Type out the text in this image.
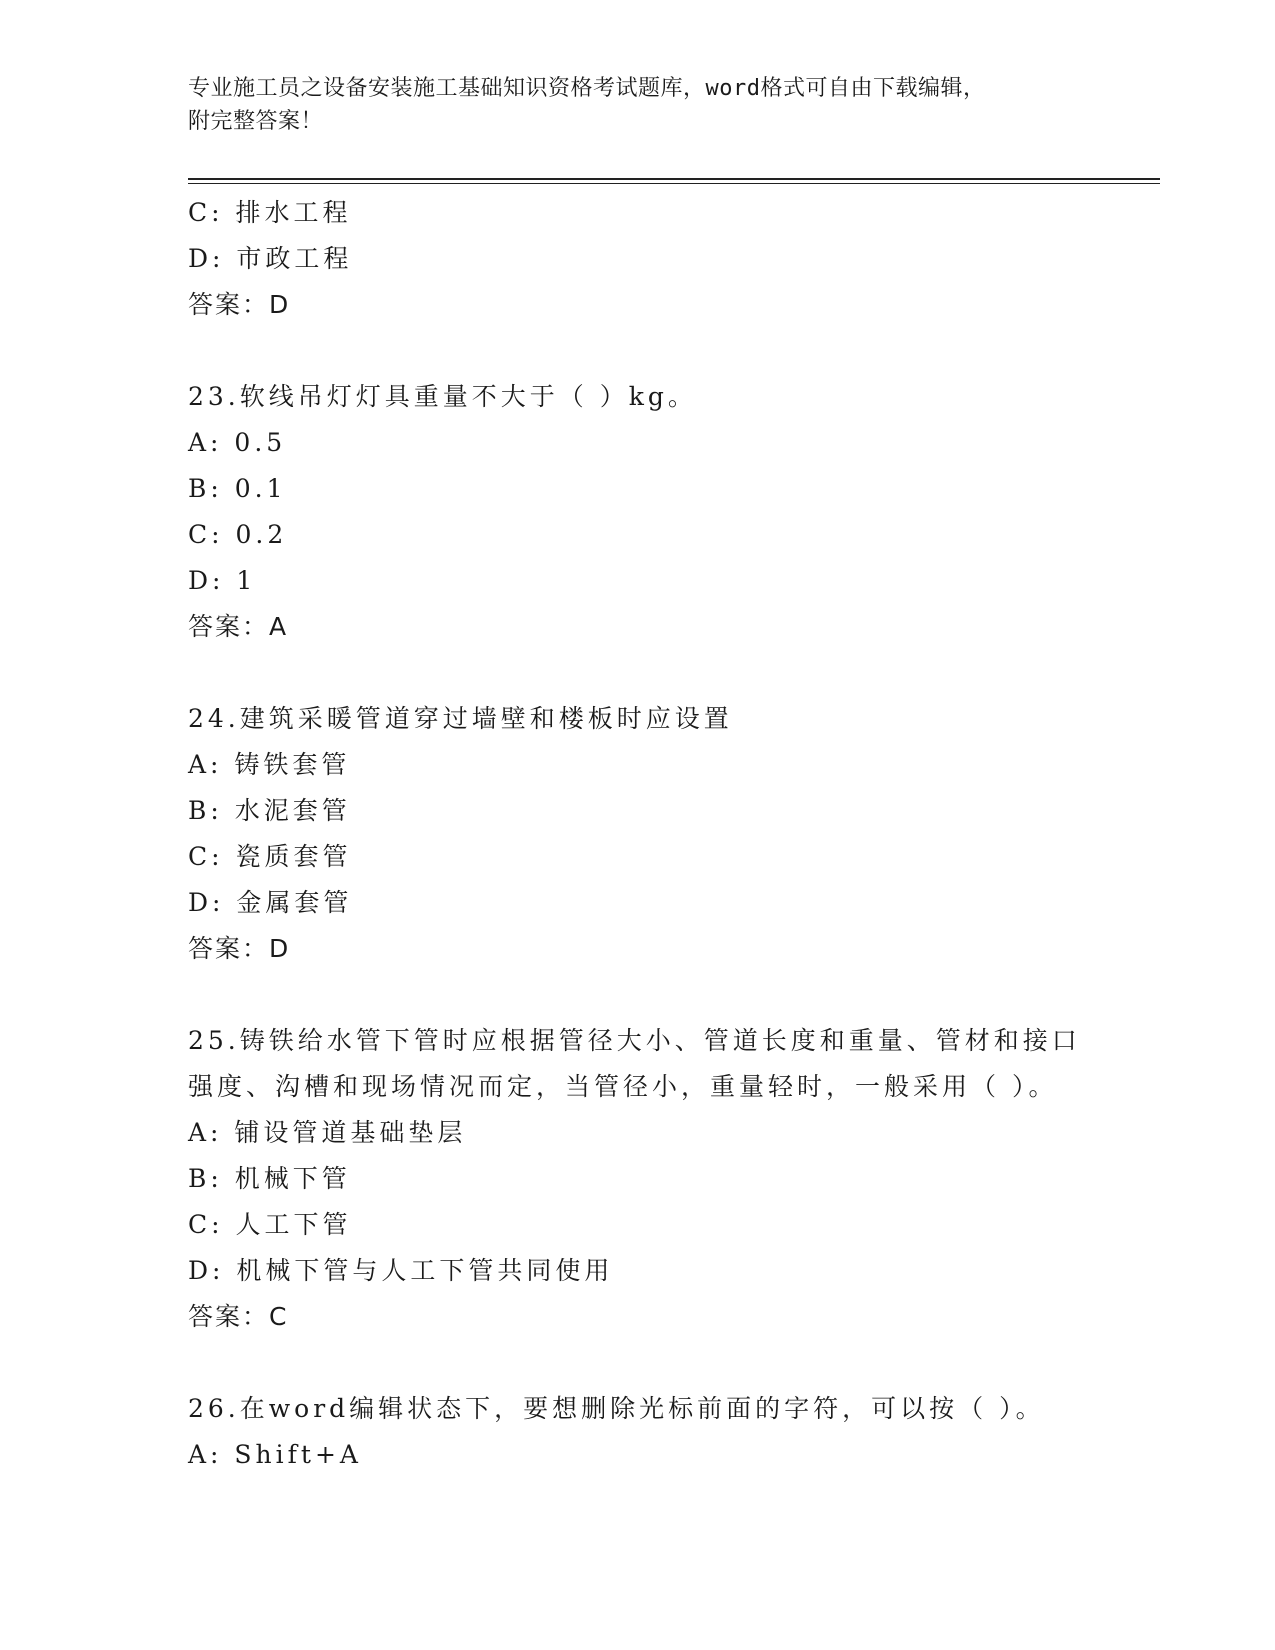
专业施工员之设备安装施工基础知识资格考试题库，word格式可自由下载编辑，
附完整答案！
C: 排水工程
D: 市政工程
答案：D
23.软线吊灯灯具重量不大于（ ）kg。
A: 0.5
B: 0.1
C: 0.2
D: 1
答案：A
24.建筑采暖管道穿过墙壁和楼板时应设置
A: 铸铁套管
B: 水泥套管
C: 瓷质套管
D: 金属套管
答案：D
25.铸铁给水管下管时应根据管径大小、管道长度和重量、管材和接口
强度、沟槽和现场情况而定，当管径小，重量轻时，一般采用（ ）。
A: 铺设管道基础垫层
B: 机械下管
C: 人工下管
D: 机械下管与人工下管共同使用
答案：C
26.在word编辑状态下，要想删除光标前面的字符，可以按（ ）。
A: Shift+A
